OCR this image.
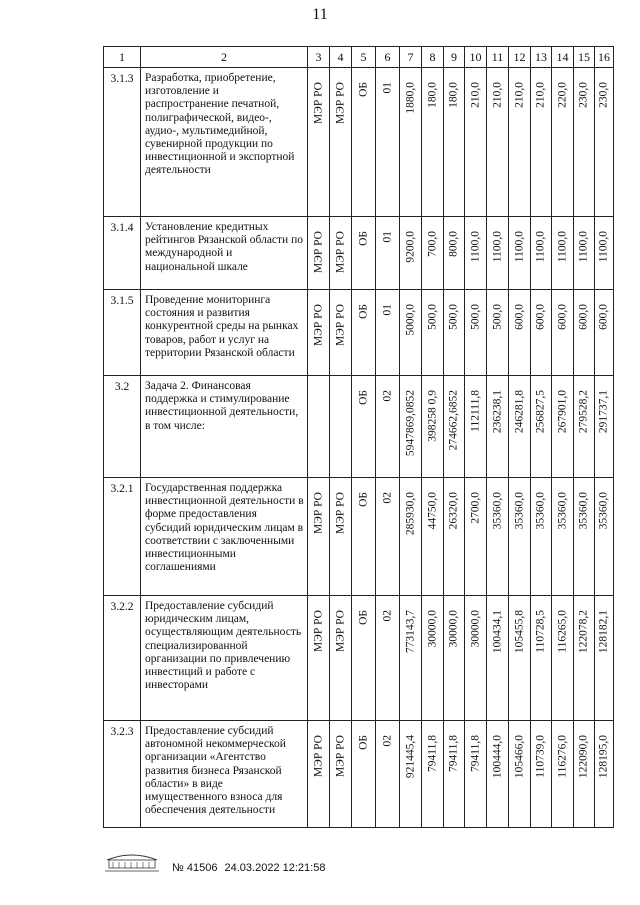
11
1	2	3	4	5	6	7	8	9	10	11	12	13	14	15	16
3.1.3	Разработка, приобретение, изготовление и распространение печатной, полиграфической, видео-, аудио-, мультимедийной, сувенирной продукции по инвестиционной и экспортной деятельности	МЭР РО	МЭР РО	ОБ	01	1880,0	180,0	180,0	210,0	210,0	210,0	210,0	220,0	230,0	230,0

3.1.4	Установление кредитных рейтингов Рязанской области по международной и национальной шкале	МЭР РО	МЭР РО	ОБ	01	9200,0	700,0	800,0	1100,0	1100,0	1100,0	1100,0	1100,0	1100,0	1100,0

3.1.5	Проведение мониторинга состояния и развития конкурентной среды на рынках товаров, работ и услуг на территории Рязанской области	МЭР РО	МЭР РО	ОБ	01	5000,0	500,0	500,0	500,0	500,0	600,0	600,0	600,0	600,0	600,0

3.2	Задача 2. Финансовая поддержка и стимулирование инвестиционной деятельности, в том числе:			ОБ	02	5947869,0852	398258 0,9	274662,6852	112111,8	236238,1	246281,8	256827,5	267901,0	279528,2	291737,1

3.2.1	Государственная поддержка инвестиционной деятельности в форме предоставления субсидий юридическим лицам в соответствии с заключенными инвестиционными соглашениями	МЭР РО	МЭР РО	ОБ	02	285930,0	44750,0	26320,0	2700,0	35360,0	35360,0	35360,0	35360,0	35360,0	35360,0

3.2.2	Предоставление субсидий юридическим лицам, осуществляющим деятельность специализированной организации по привлечению инвестиций и работе с инвесторами	МЭР РО	МЭР РО	ОБ	02	773143,7	30000,0	30000,0	30000,0	100434,1	105455,8	110728,5	116265,0	122078,2	128182,1

3.2.3	Предоставление субсидий автономной некоммерческой организации «Агентство развития бизнеса Рязанской области» в виде имущественного взноса для обеспечения деятельности	МЭР РО	МЭР РО	ОБ	02	921445,4	79411,8	79411,8	79411,8	100444,0	105466,0	110739,0	116276,0	122090,0	128195,0
№ 41506 24.03.2022 12:21:58
